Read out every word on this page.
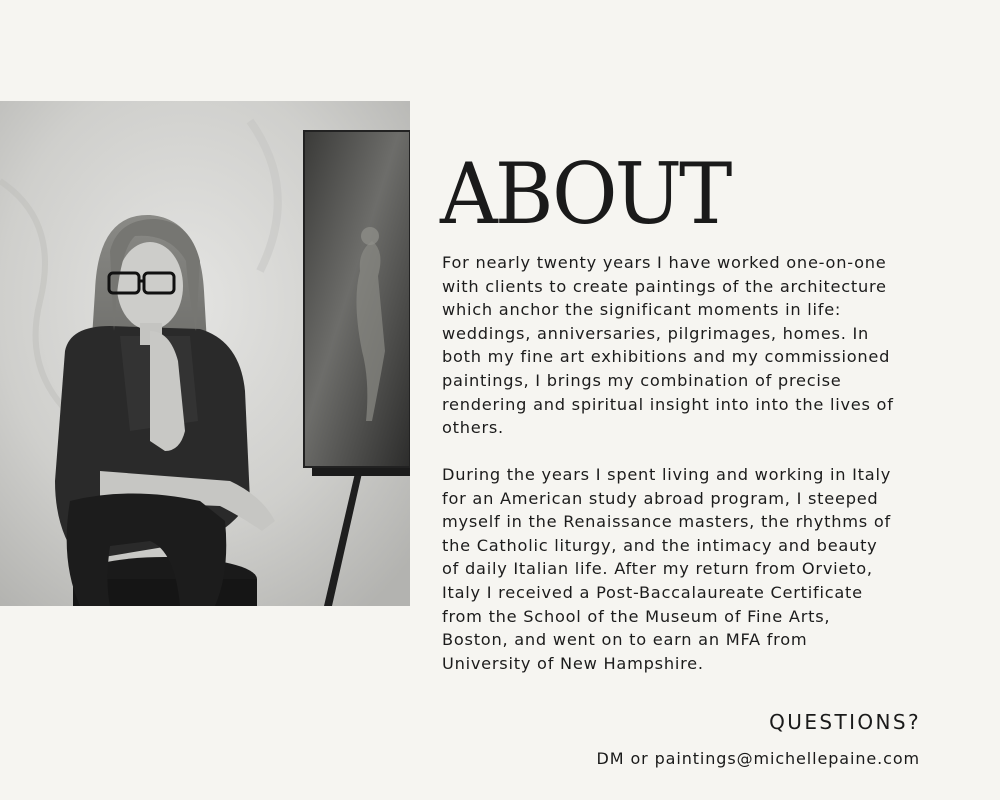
ABOUT

For nearly twenty years I have worked one-on-one
with clients to create paintings of the architecture
which anchor the significant moments in life:
weddings, anniversaries, pilgrimages, homes. In
both my fine art exhibitions and my commissioned
paintings, I brings my combination of precise
rendering and spiritual insight into into the lives of
others.

During the years I spent living and working in Italy
for an American study abroad program, I steeped
myself in the Renaissance masters, the rhythms of
the Catholic liturgy, and the intimacy and beauty
of daily Italian life. After my return from Orvieto,
Italy I received a Post-Baccalaureate Certificate
from the School of the Museum of Fine Arts,
Boston, and went on to earn an MFA from
University of New Hampshire.

QUESTIONS?

DM or paintings@michellepaine.com
